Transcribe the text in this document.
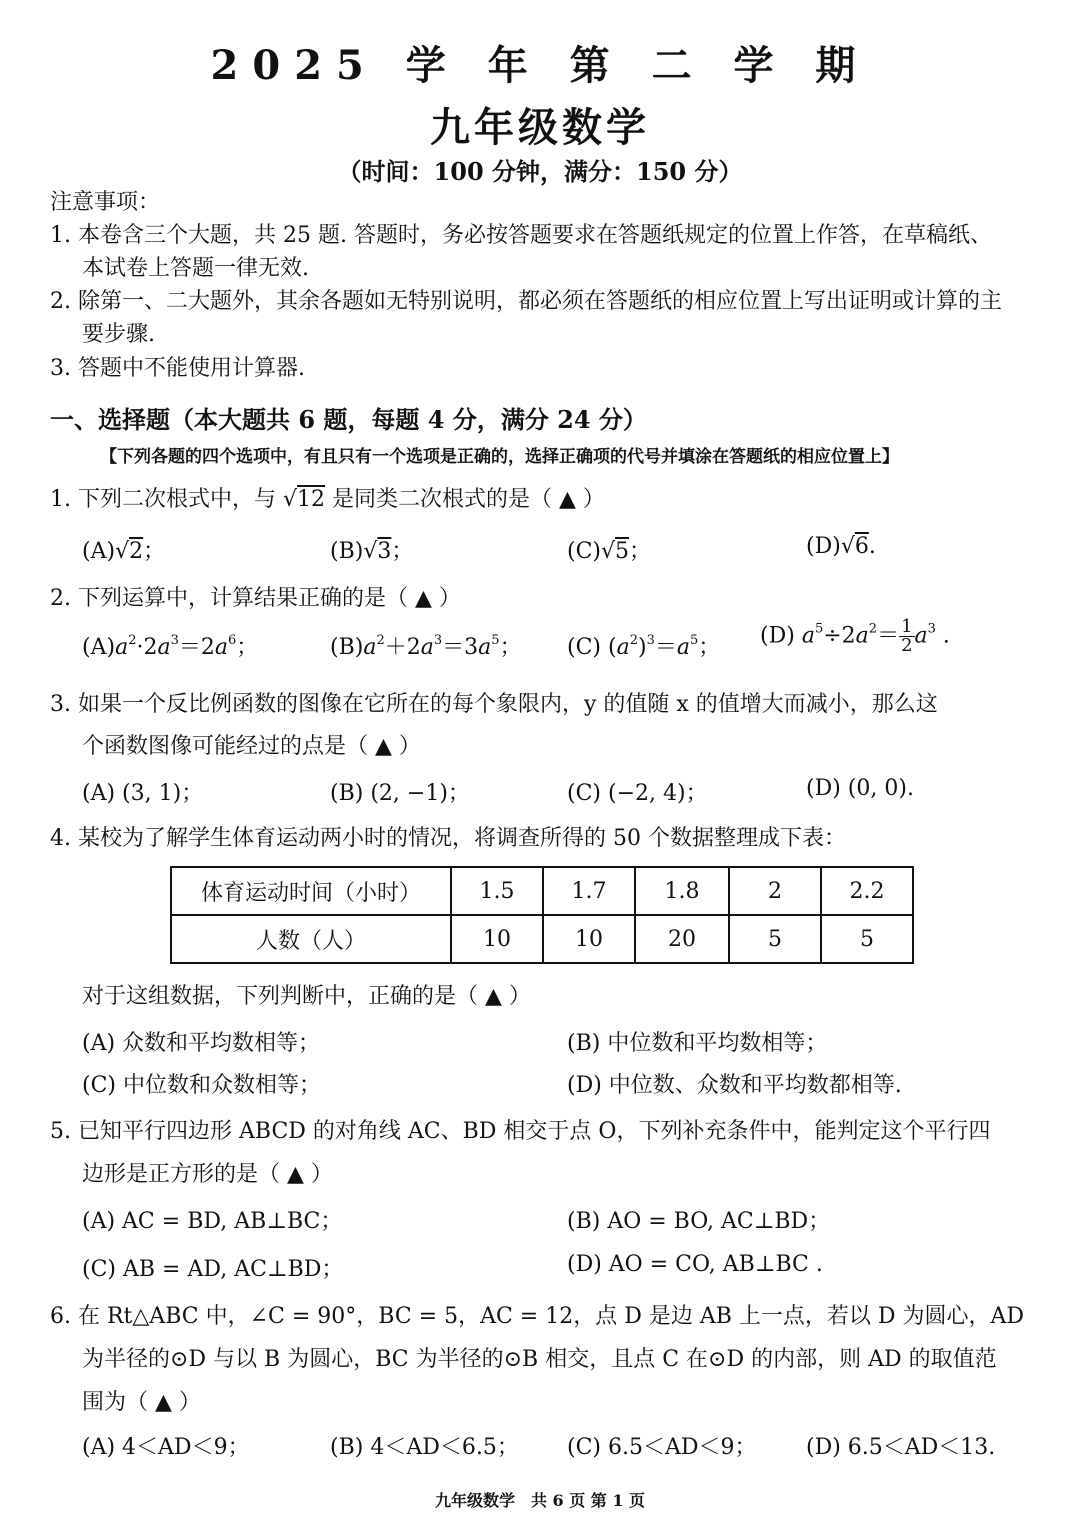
2025 学 年 第 二 学 期
九年级数学
（时间：100 分钟，满分：150 分）
注意事项：
1. 本卷含三个大题，共 25 题. 答题时，务必按答题要求在答题纸规定的位置上作答，在草稿纸、
本试卷上答题一律无效.
2. 除第一、二大题外，其余各题如无特别说明，都必须在答题纸的相应位置上写出证明或计算的主
要步骤.
3. 答题中不能使用计算器.
一、选择题（本大题共 6 题，每题 4 分，满分 24 分）
【下列各题的四个选项中，有且只有一个选项是正确的，选择正确项的代号并填涂在答题纸的相应位置上】
1. 下列二次根式中，与 √12 是同类二次根式的是（ ▲ ）
(A)√2；	(B)√3；	(C)√5；	(D)√6.
2. 下列运算中，计算结果正确的是（ ▲ ）
$(A)a^2\cdot 2a^3=2a^6$；	$(B)a^2+2a^3=3a^5$； (C) $(a^2)^3=a^5$； (D) $a^5\div 2a^2= \frac{1}{2} a^3$ .
3. 如果一个反比例函数的图像在它所在的每个象限内，y 的值随 x 的值增大而减小，那么这
个函数图像可能经过的点是（ ▲ ）
(A) (3, 1)；	(B) (2, −1)；	(C) (−2, 4)；	(D) (0, 0).
4. 某校为了解学生体育运动两小时的情况，将调查所得的 50 个数据整理成下表：
体育运动时间（小时）	1.5	1.7	1.8	2	2.2
人数（人）	10	10	20	5	5
对于这组数据，下列判断中，正确的是（ ▲ ）
(A) 众数和平均数相等；	(B) 中位数和平均数相等；
(C) 中位数和众数相等；	(D) 中位数、众数和平均数都相等.
5. 已知平行四边形 ABCD 的对角线 AC、BD 相交于点 O，下列补充条件中，能判定这个平行四
边形是正方形的是（ ▲ ）
(A) AC = BD, AB⊥BC；	(B) AO = BO, AC⊥BD；
(C) AB = AD, AC⊥BD；	(D) AO = CO, AB⊥BC .
6. 在 Rt△ABC 中，∠C = 90°，BC = 5，AC = 12，点 D 是边 AB 上一点，若以 D 为圆心，AD
为半径的⊙D 与以 B 为圆心，BC 为半径的⊙B 相交，且点 C 在⊙D 的内部，则 AD 的取值范
围为（ ▲ ）
(A) 4＜AD＜9；	(B) 4＜AD＜6.5； (C) 6.5＜AD＜9； (D) 6.5＜AD＜13.
九年级数学　共 6 页 第 1 页
